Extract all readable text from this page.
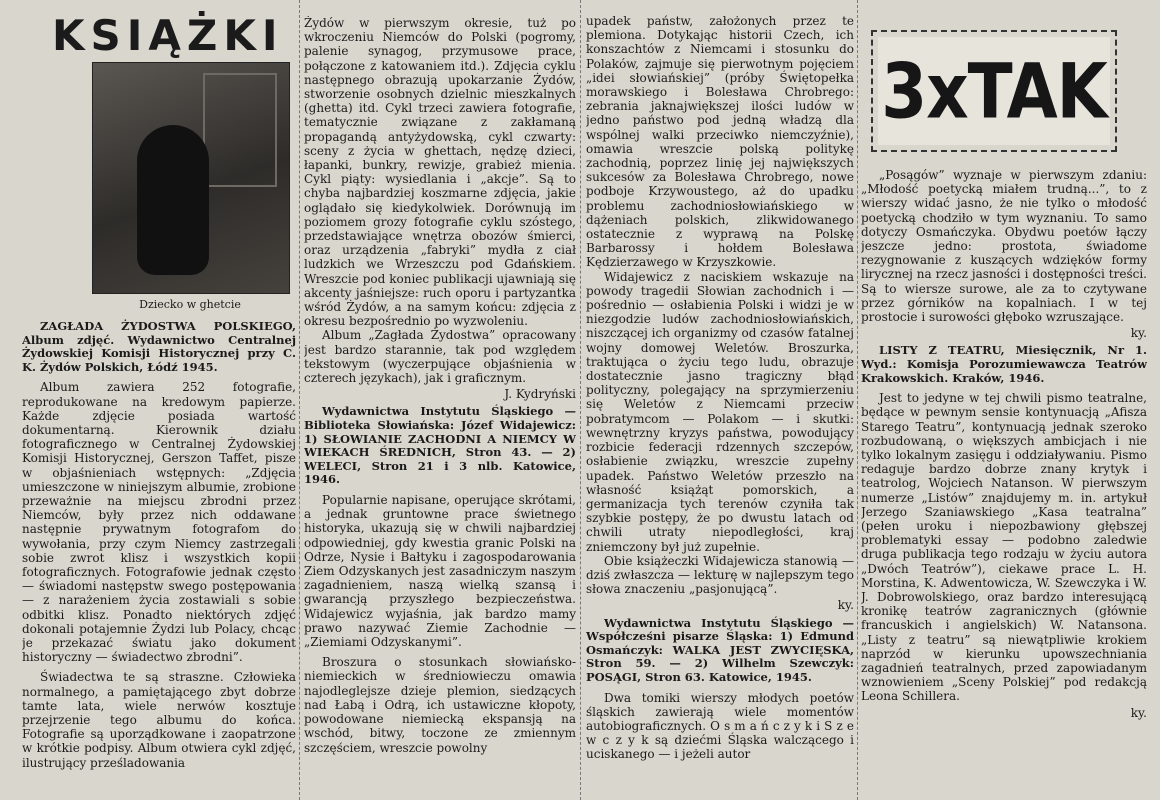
KSIĄŻKI
Dziecko w ghetcie

ZAGŁADA ŻYDOSTWA POLSKIEGO, Album zdjęć. Wydawnictwo Centralnej Żydowskiej Komisji Historycznej przy C. K. Żydów Polskich, Łódź 1945.

Album zawiera 252 fotografie, reprodukowane na kredowym papierze. Każde zdjęcie posiada wartość dokumentarną. Kierownik działu fotograficznego w Centralnej Żydowskiej Komisji Historycznej, Gerszon Taffet, pisze w objaśnieniach wstępnych: „Zdjęcia umieszczone w niniejszym albumie, zrobione przeważnie na miejscu zbrodni przez Niemców, były przez nich oddawane następnie prywatnym fotografom do wywołania, przy czym Niemcy zastrzegali sobie zwrot klisz i wszystkich kopii fotograficznych. Fotografowie jednak często — świadomi następstw swego postępowania — z narażeniem życia zostawiali s sobie odbitki klisz. Ponadto niektórych zdjęć dokonali potajemnie Żydzi lub Polacy, chcąc je przekazać światu jako dokument historyczny — świadectwo zbrodni”.

Świadectwa te są straszne. Człowieka normalnego, a pamiętającego zbyt dobrze tamte lata, wiele nerwów kosztuje przejrzenie tego albumu do końca. Fotografie są uporządkowane i zaopatrzone w krótkie podpisy. Album otwiera cykl zdjęć, ilustrujący prześladowania

Żydów w pierwszym okresie, tuż po wkroczeniu Niemców do Polski (pogromy, palenie synagog, przymusowe prace, połączone z katowaniem itd.). Zdjęcia cyklu następnego obrazują upokarzanie Żydów, stworzenie osobnych dzielnic mieszkalnych (ghetta) itd. Cykl trzeci zawiera fotografie, tematycznie związane z zakłamaną propagandą antyżydowską, cykl czwarty: sceny z życia w ghettach, nędzę dzieci, łapanki, bunkry, rewizje, grabież mienia. Cykl piąty: wysiedlania i „akcje”. Są to chyba najbardziej koszmarne zdjęcia, jakie oglądało się kiedykolwiek. Dorównują im poziomem grozy fotografie cyklu szóstego, przedstawiające wnętrza obozów śmierci, oraz urządzenia „fabryki” mydła z ciał ludzkich we Wrzeszczu pod Gdańskiem. Wreszcie pod koniec publikacji ujawniają się akcenty jaśniejsze: ruch oporu i partyzantka wśród Żydów, a na samym końcu: zdjęcia z okresu bezpośrednio po wyzwoleniu.

Album „Zagłada Żydostwa” opracowany jest bardzo starannie, tak pod względem tekstowym (wyczerpujące objaśnienia w czterech językach), jak i graficznym.

J. Kydryński

Wydawnictwa Instytutu Śląskiego — Biblioteka Słowiańska: Józef Widajewicz: 1) SŁOWIANIE ZACHODNI A NIEMCY W WIEKACH ŚREDNICH, Stron 43. — 2) WELECI, Stron 21 i 3 nlb. Katowice, 1946.

Popularnie napisane, operujące skrótami, a jednak gruntowne prace świetnego historyka, ukazują się w chwili najbardziej odpowiedniej, gdy kwestia granic Polski na Odrze, Nysie i Bałtyku i zagospodarowania Ziem Odzyskanych jest zasadniczym naszym zagadnieniem, naszą wielką szansą i gwarancją przyszłego bezpieczeństwa. Widajewicz wyjaśnia, jak bardzo mamy prawo nazywać Ziemie Zachodnie — „Ziemiami Odzyskanymi”.

Broszura o stosunkach słowiańsko-niemieckich w średniowieczu omawia najodleglejsze dzieje plemion, siedzących nad Łabą i Odrą, ich ustawiczne kłopoty, powodowane niemiecką ekspansją na wschód, bitwy, toczone ze zmiennym szczęściem, wreszcie powolny

upadek państw, założonych przez te plemiona. Dotykając historii Czech, ich konszachtów z Niemcami i stosunku do Polaków, zajmuje się pierwotnym pojęciem „idei słowiańskiej” (próby Świętopełka morawskiego i Bolesława Chrobrego: zebrania jaknajwiększej ilości ludów w jedno państwo pod jedną władzą dla wspólnej walki przeciwko niemczyźnie), omawia wreszcie polską politykę zachodnią, poprzez linię jej największych sukcesów za Bolesława Chrobrego, nowe podboje Krzywoustego, aż do upadku problemu zachodniosłowiańskiego w dążeniach polskich, zlikwidowanego ostatecznie z wyprawą na Polskę Barbarossy i hołdem Bolesława Kędzierzawego w Krzyszkowie.

Widajewicz z naciskiem wskazuje na powody tragedii Słowian zachodnich i — pośrednio — osłabienia Polski i widzi je w niezgodzie ludów zachodniosłowiańskich, niszczącej ich organizmy od czasów fatalnej wojny domowej Weletów. Broszurka, traktująca o życiu tego ludu, obrazuje dostatecznie jasno tragiczny błąd polityczny, polegający na sprzymierzeniu się Weletów z Niemcami przeciw pobratymcom — Polakom — i skutki: wewnętrzny kryzys państwa, powodujący rozbicie federacji rdzennych szczepów, osłabienie związku, wreszcie zupełny upadek. Państwo Weletów przeszło na własność książąt pomorskich, a germanizacja tych terenów czyniła tak szybkie postępy, że po dwustu latach od chwili utraty niepodległości, kraj zniemczony był już zupełnie.

Obie książeczki Widajewicza stanowią — dziś zwłaszcza — lekturę w najlepszym tego słowa znaczeniu „pasjonującą”.

ky.

Wydawnictwa Instytutu Śląskiego — Współcześni pisarze Śląska: 1) Edmund Osmańczyk: WALKA JEST ZWYCIĘSKA, Stron 59. — 2) Wilhelm Szewczyk: POSĄGI, Stron 63. Katowice, 1945.

Dwa tomiki wierszy młodych poetów śląskich zawierają wiele momentów autobiograficznych. O s m a ń c z y k i S z e w c z y k są dziećmi Śląska walczącego i uciskanego — i jeżeli autor

3xTAK

„Posągów” wyznaje w pierwszym zdaniu: „Młodość poetycką miałem trudną...”, to z wierszy widać jasno, że nie tylko o młodość poetycką chodziło w tym wyznaniu. To samo dotyczy Osmańczyka. Obydwu poetów łączy jeszcze jedno: prostota, świadome rezygnowanie z kuszących wdzięków formy lirycznej na rzecz jasności i dostępności treści. Są to wiersze surowe, ale za to czytywane przez górników na kopalniach. I w tej prostocie i surowości głęboko wzruszające.

ky.

LISTY Z TEATRU, Miesięcznik, Nr 1. Wyd.: Komisja Porozumiewawcza Teatrów Krakowskich. Kraków, 1946.

Jest to jedyne w tej chwili pismo teatralne, będące w pewnym sensie kontynuacją „Afisza Starego Teatru”, kontynuacją jednak szeroko rozbudowaną, o większych ambicjach i nie tylko lokalnym zasięgu i oddziaływaniu. Pismo redaguje bardzo dobrze znany krytyk i teatrolog, Wojciech Natanson. W pierwszym numerze „Listów” znajdujemy m. in. artykuł Jerzego Szaniawskiego „Kasa teatralna” (pełen uroku i niepozbawiony głębszej problematyki essay — podobno zaledwie druga publikacja tego rodzaju w życiu autora „Dwóch Teatrów”), ciekawe prace L. H. Morstina, K. Adwentowicza, W. Szewczyka i W. J. Dobrowolskiego, oraz bardzo interesującą kronikę teatrów zagranicznych (głównie francuskich i angielskich) W. Natansona. „Listy z teatru” są niewątpliwie krokiem naprzód w kierunku upowszechniania zagadnień teatralnych, przed zapowiadanym wznowieniem „Sceny Polskiej” pod redakcją Leona Schillera.

ky.
